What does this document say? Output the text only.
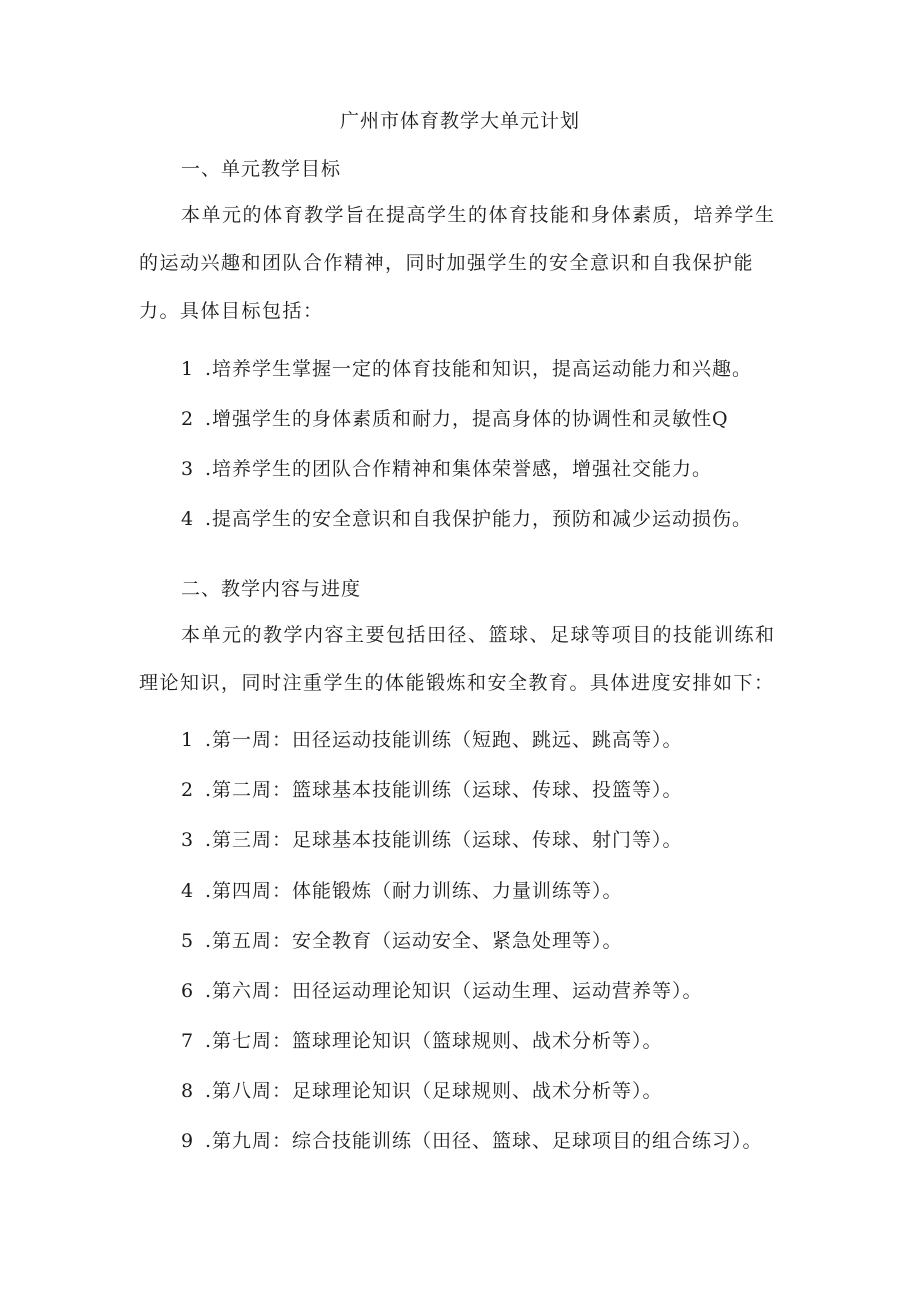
广州市体育教学大单元计划
一、单元教学目标

本单元的体育教学旨在提高学生的体育技能和身体素质，培养学生的运动兴趣和团队合作精神，同时加强学生的安全意识和自我保护能力。具体目标包括：

1 .培养学生掌握一定的体育技能和知识，提高运动能力和兴趣。
2 .增强学生的身体素质和耐力，提高身体的协调性和灵敏性Q
3 .培养学生的团队合作精神和集体荣誉感，增强社交能力。
4 .提高学生的安全意识和自我保护能力，预防和减少运动损伤。
二、教学内容与进度

本单元的教学内容主要包括田径、篮球、足球等项目的技能训练和理论知识，同时注重学生的体能锻炼和安全教育。具体进度安排如下：

1 .第一周：田径运动技能训练（短跑、跳远、跳高等）。
2 .第二周：篮球基本技能训练（运球、传球、投篮等）。
3 .第三周：足球基本技能训练（运球、传球、射门等）。
4 .第四周：体能锻炼（耐力训练、力量训练等）。
5 .第五周：安全教育（运动安全、紧急处理等）。
6 .第六周：田径运动理论知识（运动生理、运动营养等）。
7 .第七周：篮球理论知识（篮球规则、战术分析等）。
8 .第八周：足球理论知识（足球规则、战术分析等）。
9 .第九周：综合技能训练（田径、篮球、足球项目的组合练习）。
